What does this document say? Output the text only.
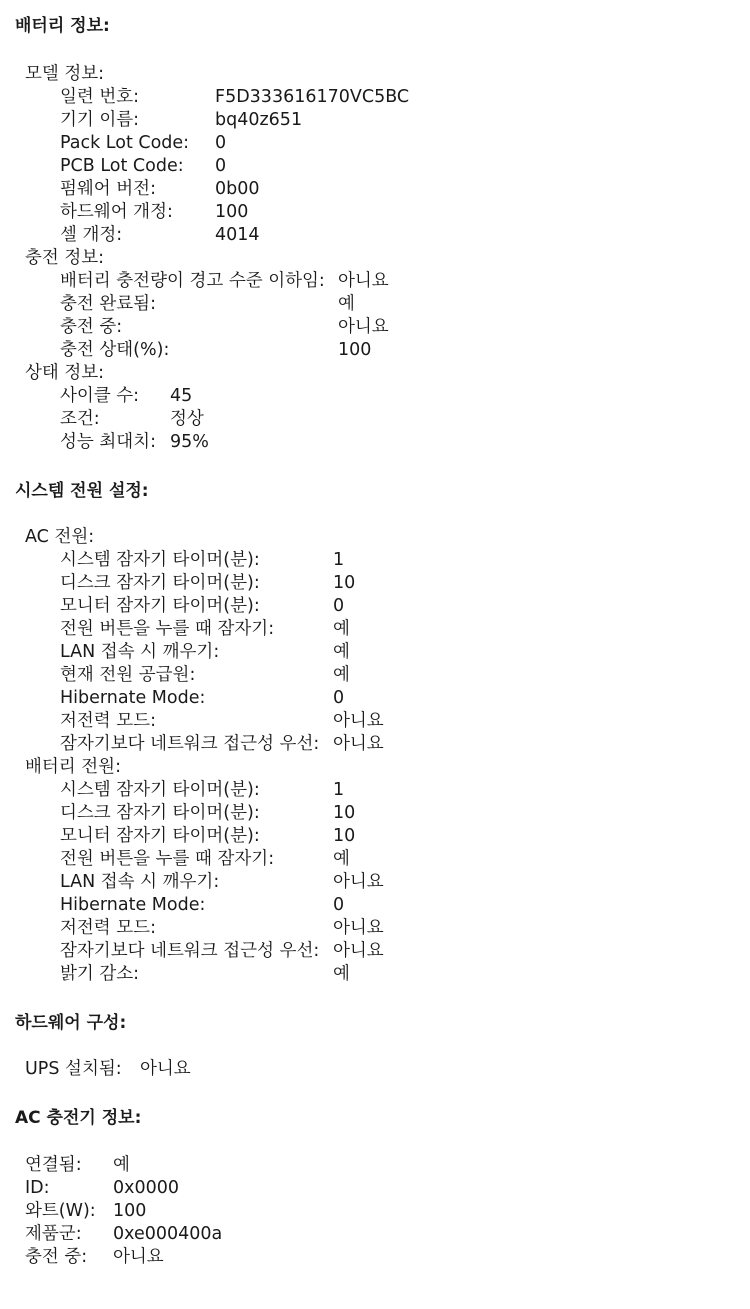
배터리 정보:
모델 정보:
일련 번호:	F5D333616170VC5BC
기기 이름:	bq40z651
Pack Lot Code: 0
PCB Lot Code: 0
펌웨어 버전:	0b00
하드웨어 개정: 100
셀 개정:	4014
충전 정보:
배터리 충전량이 경고 수준 이하임: 아니요
충전 완료됨:	예
충전 중:	아니요
충전 상태(%):	100
상태 정보:
사이클 수: 45
조건:	정상
성능 최대치: 95%
시스템 전원 설정:
AC 전원:
시스템 잠자기 타이머(분):	1
디스크 잠자기 타이머(분):	10
모니터 잠자기 타이머(분):	0
전원 버튼을 누를 때 잠자기:	예
LAN 접속 시 깨우기:	예
현재 전원 공급원:	예
Hibernate Mode:	0
저전력 모드:	아니요
잠자기보다 네트워크 접근성 우선: 아니요
배터리 전원:
시스템 잠자기 타이머(분):	1
디스크 잠자기 타이머(분):	10
모니터 잠자기 타이머(분):	10
전원 버튼을 누를 때 잠자기:	예
LAN 접속 시 깨우기:	아니요
Hibernate Mode:	0
저전력 모드:	아니요
잠자기보다 네트워크 접근성 우선: 아니요
밝기 감소:	예
하드웨어 구성:
UPS 설치됨: 아니요
AC 충전기 정보:
연결됨: 예
ID:	0x0000
와트(W): 100
제품군: 0xe000400a
충전 중: 아니요
